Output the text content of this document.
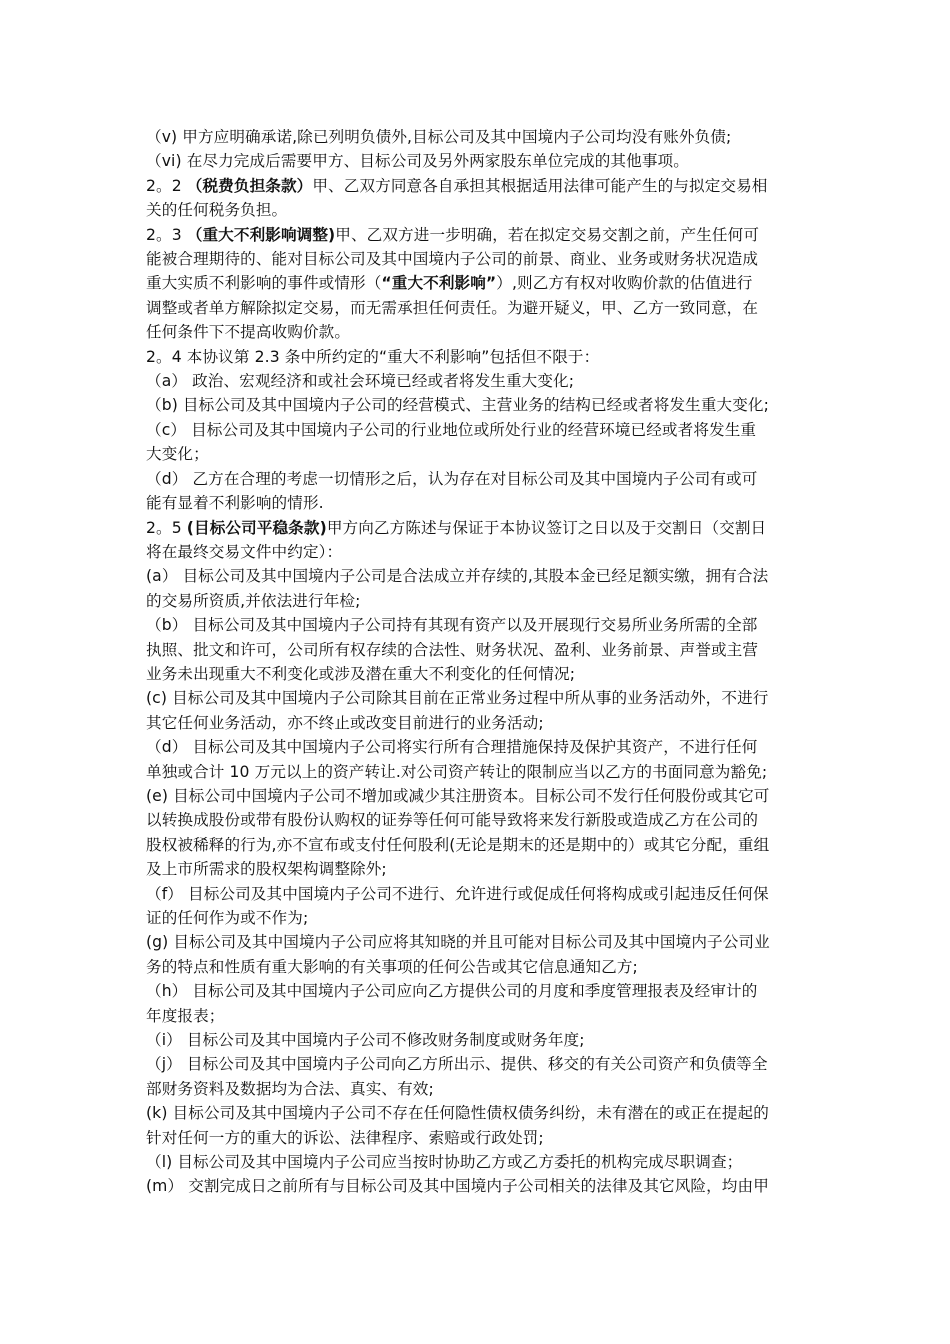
（v) 甲方应明确承诺,除已列明负债外,目标公司及其中国境内子公司均没有账外负债;
（vi) 在尽力完成后需要甲方、目标公司及另外两家股东单位完成的其他事项。
2。2 （税费负担条款）甲、乙双方同意各自承担其根据适用法律可能产生的与拟定交易相
关的任何税务负担。
2。3 （重大不利影响调整)甲、乙双方进一步明确，若在拟定交易交割之前，产生任何可
能被合理期待的、能对目标公司及其中国境内子公司的前景、商业、业务或财务状况造成
重大实质不利影响的事件或情形（“重大不利影响”）,则乙方有权对收购价款的估值进行
调整或者单方解除拟定交易，而无需承担任何责任。为避开疑义，甲、乙方一致同意，在
任何条件下不提高收购价款。
2。4 本协议第 2.3 条中所约定的“重大不利影响”包括但不限于：
（a） 政治、宏观经济和或社会环境已经或者将发生重大变化;
（b) 目标公司及其中国境内子公司的经营模式、主营业务的结构已经或者将发生重大变化;
（c） 目标公司及其中国境内子公司的行业地位或所处行业的经营环境已经或者将发生重
大变化；
（d） 乙方在合理的考虑一切情形之后，认为存在对目标公司及其中国境内子公司有或可
能有显着不利影响的情形.
2。5 (目标公司平稳条款)甲方向乙方陈述与保证于本协议签订之日以及于交割日（交割日
将在最终交易文件中约定）：
(a） 目标公司及其中国境内子公司是合法成立并存续的,其股本金已经足额实缴，拥有合法
的交易所资质,并依法进行年检;
（b） 目标公司及其中国境内子公司持有其现有资产以及开展现行交易所业务所需的全部
执照、批文和许可，公司所有权存续的合法性、财务状况、盈利、业务前景、声誉或主营
业务未出现重大不利变化或涉及潜在重大不利变化的任何情况;
(c) 目标公司及其中国境内子公司除其目前在正常业务过程中所从事的业务活动外，不进行
其它任何业务活动，亦不终止或改变目前进行的业务活动;
（d） 目标公司及其中国境内子公司将实行所有合理措施保持及保护其资产，不进行任何
单独或合计 10 万元以上的资产转让.对公司资产转让的限制应当以乙方的书面同意为豁免;
(e) 目标公司中国境内子公司不增加或减少其注册资本。目标公司不发行任何股份或其它可
以转换成股份或带有股份认购权的证券等任何可能导致将来发行新股或造成乙方在公司的
股权被稀释的行为,亦不宣布或支付任何股利(无论是期末的还是期中的）或其它分配，重组
及上市所需求的股权架构调整除外;
（f） 目标公司及其中国境内子公司不进行、允许进行或促成任何将构成或引起违反任何保
证的任何作为或不作为;
(g) 目标公司及其中国境内子公司应将其知晓的并且可能对目标公司及其中国境内子公司业
务的特点和性质有重大影响的有关事项的任何公告或其它信息通知乙方;
（h） 目标公司及其中国境内子公司应向乙方提供公司的月度和季度管理报表及经审计的
年度报表；
（i） 目标公司及其中国境内子公司不修改财务制度或财务年度;
（j） 目标公司及其中国境内子公司向乙方所出示、提供、移交的有关公司资产和负债等全
部财务资料及数据均为合法、真实、有效;
(k) 目标公司及其中国境内子公司不存在任何隐性债权债务纠纷，未有潜在的或正在提起的
针对任何一方的重大的诉讼、法律程序、索赔或行政处罚;
（l) 目标公司及其中国境内子公司应当按时协助乙方或乙方委托的机构完成尽职调查；
(m） 交割完成日之前所有与目标公司及其中国境内子公司相关的法律及其它风险，均由甲
